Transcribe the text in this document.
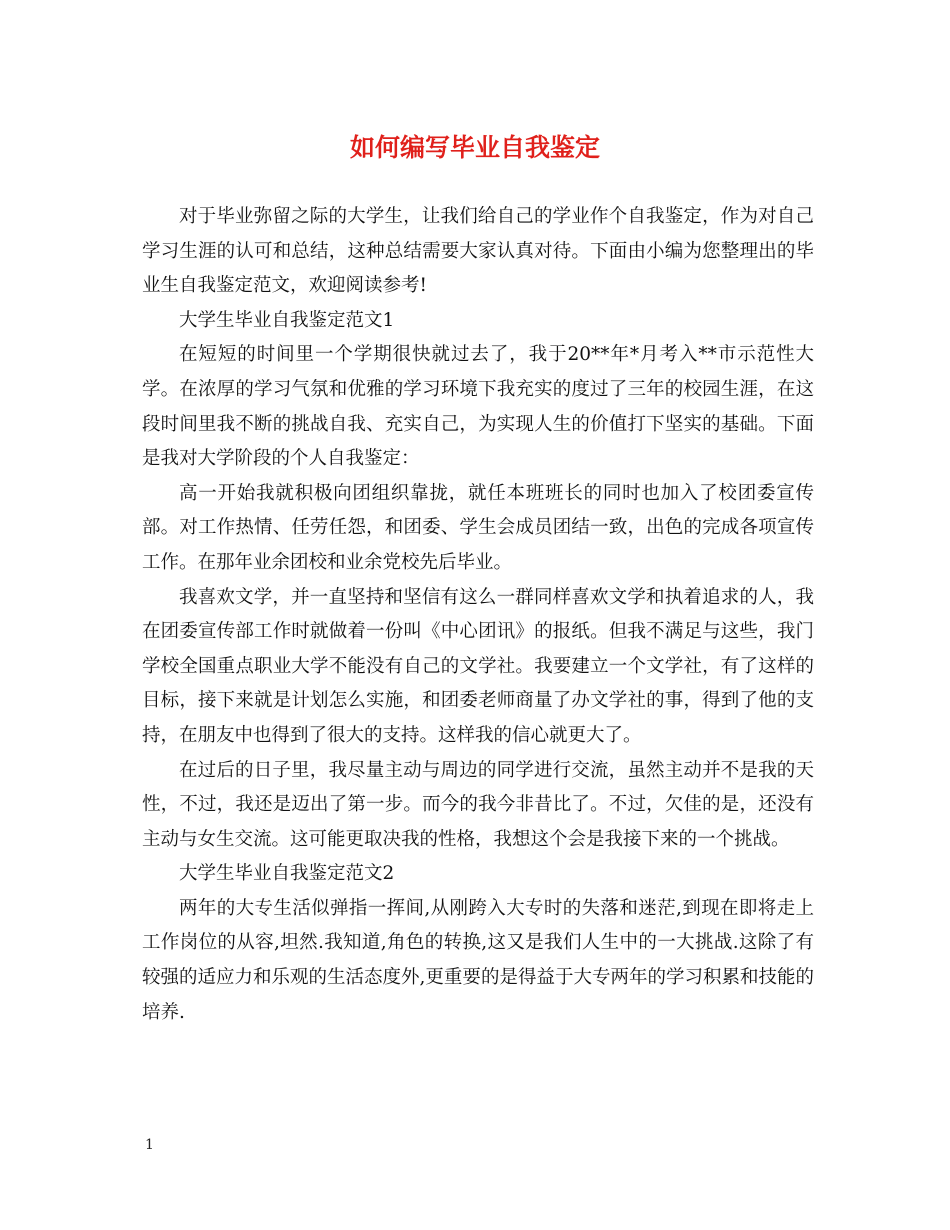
如何编写毕业自我鉴定

对于毕业弥留之际的大学生，让我们给自己的学业作个自我鉴定，作为对自己学习生涯的认可和总结，这种总结需要大家认真对待。下面由小编为您整理出的毕业生自我鉴定范文，欢迎阅读参考!

大学生毕业自我鉴定范文1

在短短的时间里一个学期很快就过去了，我于20**年*月考入**市示范性大学。在浓厚的学习气氛和优雅的学习环境下我充实的度过了三年的校园生涯，在这段时间里我不断的挑战自我、充实自己，为实现人生的价值打下坚实的基础。下面是我对大学阶段的个人自我鉴定：

高一开始我就积极向团组织靠拢，就任本班班长的同时也加入了校团委宣传部。对工作热情、任劳任怨，和团委、学生会成员团结一致，出色的完成各项宣传工作。在那年业余团校和业余党校先后毕业。

我喜欢文学，并一直坚持和坚信有这么一群同样喜欢文学和执着追求的人，我在团委宣传部工作时就做着一份叫《中心团讯》的报纸。但我不满足与这些，我门学校全国重点职业大学不能没有自己的文学社。我要建立一个文学社，有了这样的目标，接下来就是计划怎么实施，和团委老师商量了办文学社的事，得到了他的支持，在朋友中也得到了很大的支持。这样我的信心就更大了。

在过后的日子里，我尽量主动与周边的同学进行交流，虽然主动并不是我的天性，不过，我还是迈出了第一步。而今的我今非昔比了。不过，欠佳的是，还没有主动与女生交流。这可能更取决我的性格，我想这个会是我接下来的一个挑战。

大学生毕业自我鉴定范文2

两年的大专生活似弹指一挥间,从刚跨入大专时的失落和迷茫,到现在即将走上工作岗位的从容,坦然.我知道,角色的转换,这又是我们人生中的一大挑战.这除了有较强的适应力和乐观的生活态度外,更重要的是得益于大专两年的学习积累和技能的培养.

1
